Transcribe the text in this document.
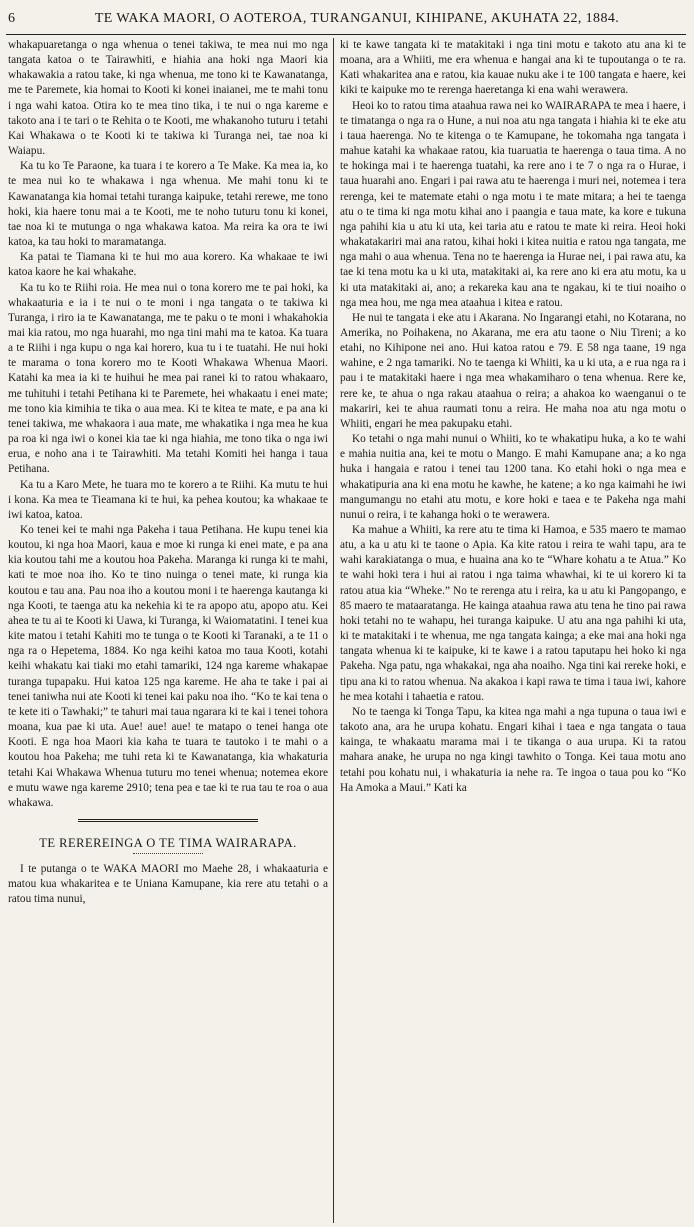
6	TE WAKA MAORI, O AOTEROA, TURANGANUI, KIHIPANE, AKUHATA 22, 1884.

whakapuaretanga o nga whenua o tenei takiwa, te mea nui mo nga tangata katoa o te Tairawhiti, e hiahia ana hoki nga Maori kia whakawakia a ratou take, ki nga whenua, me tono ki te Kawanatanga, me te Paremete, kia homai to Kooti ki konei inaianei, me te mahi tonu i nga wahi katoa. Otira ko te mea tino tika, i te nui o nga kareme e takoto ana i te tari o te Rehita o te Kooti, me whakanoho tuturu i tetahi Kai Whakawa o te Kooti ki te takiwa ki Turanga nei, tae noa ki Waiapu.

Ka tu ko Te Paraone, ka tuara i te korero a Te Make. Ka mea ia, ko te mea nui ko te whakawa i nga whenua. Me mahi tonu ki te Kawanatanga kia homai tetahi turanga kaipuke, tetahi rerewe, me tono hoki, kia haere tonu mai a te Kooti, me te noho tuturu tonu ki konei, tae noa ki te mutunga o nga whakawa katoa. Ma reira ka ora te iwi katoa, ka tau hoki to maramatanga.

Ka patai te Tiamana ki te hui mo aua korero. Ka whakaae te iwi katoa kaore he kai whakahe.

Ka tu ko te Riihi roia. He mea nui o tona korero me te pai hoki, ka whakaaturia e ia i te nui o te moni i nga tangata o te takiwa ki Turanga, i riro ia te Kawanatanga, me te paku o te moni i whakahokia mai kia ratou, mo nga huarahi, mo nga tini mahi ma te katoa. Ka tuara a te Riihi i nga kupu o nga kai horero, kua tu i te tuatahi. He nui hoki te marama o tona korero mo te Kooti Whakawa Whenua Maori. Katahi ka mea ia ki te huihui he mea pai ranei ki to ratou whakaaro, me tuhituhi i tetahi Petihana ki te Paremete, hei whakaatu i enei mate; me tono kia kimihia te tika o aua mea. Ki te kitea te mate, e pa ana ki tenei takiwa, me whakaora i aua mate, me whakatika i nga mea he kua pa roa ki nga iwi o konei kia tae ki nga hiahia, me tono tika o nga iwi erua, e noho ana i te Tairawhiti. Ma tetahi Komiti hei hanga i taua Petihana.

Ka tu a Karo Mete, he tuara mo te korero a te Riihi. Ka mutu te hui i kona. Ka mea te Tieamana ki te hui, ka pehea koutou; ka whakaae te iwi katoa, katoa.

Ko tenei kei te mahi nga Pakeha i taua Petihana. He kupu tenei kia koutou, ki nga hoa Maori, kaua e moe ki runga ki enei mate, e pa ana kia koutou tahi me a koutou hoa Pakeha. Maranga ki runga ki te mahi, kati te moe noa iho. Ko te tino nuinga o tenei mate, ki runga kia koutou e tau ana. Pau noa iho a koutou moni i te haerenga kautanga ki nga Kooti, te taenga atu ka nekehia ki te ra apopo atu, apopo atu. Kei ahea te tu ai te Kooti ki Uawa, ki Turanga, ki Waiomatatini. I tenei kua kite matou i tetahi Kahiti mo te tunga o te Kooti ki Taranaki, a te 11 o nga ra o Hepetema, 1884. Ko nga keihi katoa mo taua Kooti, kotahi keihi whakatu kai tiaki mo etahi tamariki, 124 nga kareme whakapae turanga tupapaku. Hui katoa 125 nga kareme. He aha te take i pai ai tenei taniwha nui ate Kooti ki tenei kai paku noa iho. “Ko te kai tena o te kete iti o Tawhaki;” te tahuri mai taua ngarara ki te kai i tenei tohora moana, kua pae ki uta. Aue! aue! aue! te matapo o tenei hanga ote Kooti. E nga hoa Maori kia kaha te tuara te tautoko i te mahi o a koutou hoa Pakeha; me tuhi reta ki te Kawanatanga, kia whakaturia tetahi Kai Whakawa Whenua tuturu mo tenei whenua; notemea ekore e mutu wawe nga kareme 2910; tena pea e tae ki te rua tau te roa o aua whakawa.

TE REREREINGA O TE TIMA WAIRARAPA.

I te putanga o te WAKA MAORI mo Maehe 28, i whakaaturia e matou kua whakaritea e te Uniana Kamupane, kia rere atu tetahi o a ratou tima nunui,

ki te kawe tangata ki te matakitaki i nga tini motu e takoto atu ana ki te moana, ara a Whiiti, me era whenua e hangai ana ki te tupoutanga o te ra. Kati whakaritea ana e ratou, kia kauae nuku ake i te 100 tangata e haere, kei kiki te kaipuke mo te rerenga haeretanga ki ena wahi werawera.

Heoi ko to ratou tima ataahua rawa nei ko WAIRARAPA te mea i haere, i te timatanga o nga ra o Hune, a nui noa atu nga tangata i hiahia ki te eke atu i taua haerenga. No te kitenga o te Kamupane, he tokomaha nga tangata i mahue katahi ka whakaae ratou, kia tuaruatia te haerenga o taua tima. A no te hokinga mai i te haerenga tuatahi, ka rere ano i te 7 o nga ra o Hurae, i taua huarahi ano. Engari i pai rawa atu te haerenga i muri nei, notemea i tera rerenga, kei te matemate etahi o nga motu i te mate mitara; a hei te taenga atu o te tima ki nga motu kihai ano i paangia e taua mate, ka kore e tukuna nga pahihi kia u atu ki uta, kei taria atu e ratou te mate ki reira. Heoi hoki whakatakariri mai ana ratou, kihai hoki i kitea nuitia e ratou nga tangata, me nga mahi o aua whenua. Tena no te haerenga ia Hurae nei, i pai rawa atu, ka tae ki tena motu ka u ki uta, matakitaki ai, ka rere ano ki era atu motu, ka u ki uta matakitaki ai, ano; a rekareka kau ana te ngakau, ki te tiui noaiho o nga mea hou, me nga mea ataahua i kitea e ratou.

He nui te tangata i eke atu i Akarana. No Ingarangi etahi, no Kotarana, no Amerika, no Poihakena, no Akarana, me era atu taone o Niu Tireni; a ko etahi, no Kihipone nei ano. Hui katoa ratou e 79. E 58 nga taane, 19 nga wahine, e 2 nga tamariki. No te taenga ki Whiiti, ka u ki uta, a e rua nga ra i pau i te matakitaki haere i nga mea whakamiharo o tena whenua. Rere ke, rere ke, te ahua o nga rakau ataahua o reira; a ahakoa ko waenganui o te makariri, kei te ahua raumati tonu a reira. He maha noa atu nga motu o Whiiti, engari he mea pakupaku etahi.

Ko tetahi o nga mahi nunui o Whiiti, ko te whakatipu huka, a ko te wahi e mahia nuitia ana, kei te motu o Mango. E mahi Kamupane ana; a ko nga huka i hangaia e ratou i tenei tau 1200 tana. Ko etahi hoki o nga mea e whakatipuria ana ki ena motu he kawhe, he katene; a ko nga kaimahi he iwi mangumangu no etahi atu motu, e kore hoki e taea e te Pakeha nga mahi nunui o reira, i te kahanga hoki o te werawera.

Ka mahue a Whiiti, ka rere atu te tima ki Hamoa, e 535 maero te mamao atu, a ka u atu ki te taone o Apia. Ka kite ratou i reira te wahi tapu, ara te wahi karakiatanga o mua, e huaina ana ko te “Whare kohatu a te Atua.” Ko te wahi hoki tera i hui ai ratou i nga taima whawhai, ki te ui korero ki ta ratou atua kia “Wheke.” No te rerenga atu i reira, ka u atu ki Pangopango, e 85 maero te mataaratanga. He kainga ataahua rawa atu tena he tino pai rawa hoki tetahi no te wahapu, hei turanga kaipuke. U atu ana nga pahihi ki uta, ki te matakitaki i te whenua, me nga tangata kainga; a eke mai ana hoki nga tangata whenua ki te kaipuke, ki te kawe i a ratou taputapu hei hoko ki nga Pakeha. Nga patu, nga whakakai, nga aha noaiho. Nga tini kai rereke hoki, e tipu ana ki to ratou whenua. Na akakoa i kapi rawa te tima i taua iwi, kahore he mea kotahi i tahaetia e ratou.

No te taenga ki Tonga Tapu, ka kitea nga mahi a nga tupuna o taua iwi e takoto ana, ara he urupa kohatu. Engari kihai i taea e nga tangata o taua kainga, te whakaatu marama mai i te tikanga o aua urupa. Ki ta ratou mahara anake, he urupa no nga kingi tawhito o Tonga. Kei taua motu ano tetahi pou kohatu nui, i whakaturia ia nehe ra. Te ingoa o taua pou ko “Ko Ha Amoka a Maui.” Kati ka
